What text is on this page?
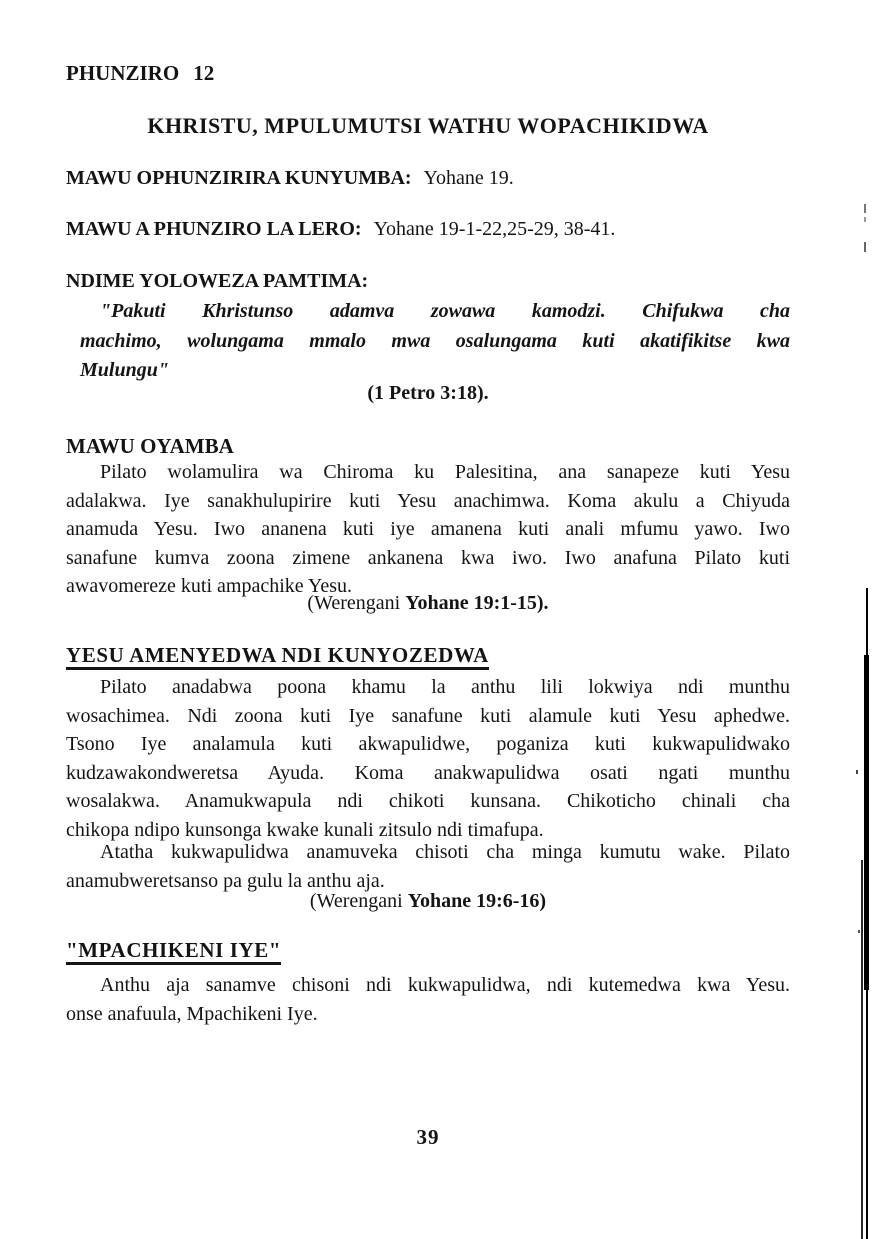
PHUNZIRO 12
KHRISTU, MPULUMUTSI WATHU WOPACHIKIDWA
MAWU OPHUNZIRIRA KUNYUMBA: Yohane 19.
MAWU A PHUNZIRO LA LERO: Yohane 19-1-22,25-29, 38-41.
NDIME YOLOWEZA PAMTIMA:
"Pakuti Khristunso adamva zowawa kamodzi. Chifukwa cha
machimo, wolungama mmalo mwa osalungama kuti akatifikitse kwa
Mulungu"
(1 Petro 3:18).
MAWU OYAMBA
Pilato wolamulira wa Chiroma ku Palesitina, ana sanapeze kuti Yesu
adalakwa. Iye sanakhulupirire kuti Yesu anachimwa. Koma akulu a Chiyuda
anamuda Yesu. Iwo ananena kuti iye amanena kuti anali mfumu yawo. Iwo
sanafune kumva zoona zimene ankanena kwa iwo. Iwo anafuna Pilato kuti
awavomereze kuti ampachike Yesu.
(Werengani Yohane 19:1-15).
YESU AMENYEDWA NDI KUNYOZEDWA
Pilato anadabwa poona khamu la anthu lili lokwiya ndi munthu
wosachimea. Ndi zoona kuti Iye sanafune kuti alamule kuti Yesu aphedwe.
Tsono Iye analamula kuti akwapulidwe, poganiza kuti kukwapulidwako
kudzawakondweretsa Ayuda. Koma anakwapulidwa osati ngati munthu
wosalakwa. Anamukwapula ndi chikoti kunsana. Chikoticho chinali cha
chikopa ndipo kunsonga kwake kunali zitsulo ndi timafupa.
Atatha kukwapulidwa anamuveka chisoti cha minga kumutu wake. Pilato
anamubweretsanso pa gulu la anthu aja.
(Werengani Yohane 19:6-16)
"MPACHIKENI IYE"
Anthu aja sanamve chisoni ndi kukwapulidwa, ndi kutemedwa kwa Yesu.
onse anafuula, Mpachikeni Iye.
39
